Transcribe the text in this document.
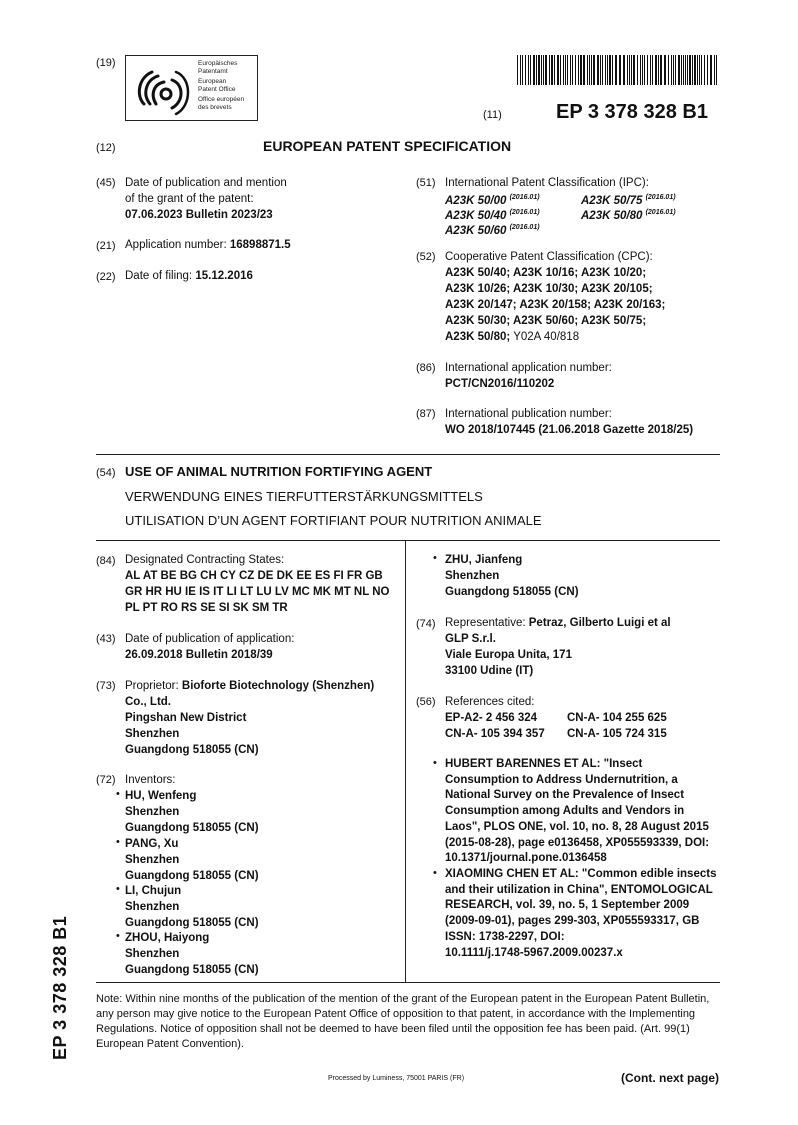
(19)	Europäisches
Patentamt
European
Patent Office
Office européen
des brevets
(11)	EP 3 378 328 B1
(12)	EUROPEAN PATENT SPECIFICATION
(45) Date of publication and mention
of the grant of the patent:
07.06.2023 Bulletin 2023/23
(21) Application number: 16898871.5
(22) Date of filing: 15.12.2016
(51) International Patent Classification (IPC):
A23K 50/00 $^{(2016.01)}$	A23K 50/75 $^{(2016.01)}$
A23K 50/40 $^{(2016.01)}$	A23K 50/80 $^{(2016.01)}$
A23K 50/60 $^{(2016.01)}$
(52) Cooperative Patent Classification (CPC):
A23K 50/40; A23K 10/16; A23K 10/20;
A23K 10/26; A23K 10/30; A23K 20/105;
A23K 20/147; A23K 20/158; A23K 20/163;
A23K 50/30; A23K 50/60; A23K 50/75;
A23K 50/80; Y02A 40/818
(86) International application number:
PCT/CN2016/110202
(87) International publication number:
WO 2018/107445 (21.06.2018 Gazette 2018/25)
(54) USE OF ANIMAL NUTRITION FORTIFYING AGENT
VERWENDUNG EINES TIERFUTTERSTÄRKUNGSMITTELS
UTILISATION D’UN AGENT FORTIFIANT POUR NUTRITION ANIMALE
(84) Designated Contracting States:
AL AT BE BG CH CY CZ DE DK EE ES FI FR GB
GR HR HU IE IS IT LI LT LU LV MC MK MT NL NO
PL PT RO RS SE SI SK SM TR
(43) Date of publication of application:
26.09.2018 Bulletin 2018/39
(73) Proprietor: Bioforte Biotechnology (Shenzhen)
Co., Ltd.
Pingshan New District
Shenzhen
Guangdong 518055 (CN)
(72) Inventors:
• HU, Wenfeng
Shenzhen
Guangdong 518055 (CN)
• PANG, Xu
Shenzhen
Guangdong 518055 (CN)
• LI, Chujun
Shenzhen
Guangdong 518055 (CN)
• ZHOU, Haiyong
Shenzhen
Guangdong 518055 (CN)
• ZHU, Jianfeng
Shenzhen
Guangdong 518055 (CN)
(74) Representative: Petraz, Gilberto Luigi et al
GLP S.r.l.
Viale Europa Unita, 171
33100 Udine (IT)
(56) References cited:
EP-A2- 2 456 324	CN-A- 104 255 625
CN-A- 105 394 357 CN-A- 105 724 315
• HUBERT BARENNES ET AL: "Insect
Consumption to Address Undernutrition, a
National Survey on the Prevalence of Insect
Consumption among Adults and Vendors in
Laos", PLOS ONE, vol. 10, no. 8, 28 August 2015
(2015-08-28), page e0136458, XP055593339, DOI:
10.1371/journal.pone.0136458
• XIAOMING CHEN ET AL: "Common edible insects
and their utilization in China", ENTOMOLOGICAL
RESEARCH, vol. 39, no. 5, 1 September 2009
(2009-09-01), pages 299-303, XP055593317, GB
ISSN: 1738-2297, DOI:
10.1111/j.1748-5967.2009.00237.x
Note: Within nine months of the publication of the mention of the grant of the European patent in the European Patent Bulletin, any person may give notice to the European Patent Office of opposition to that patent, in accordance with the Implementing Regulations. Notice of opposition shall not be deemed to have been filed until the opposition fee has been paid. (Art. 99(1) European Patent Convention).
Processed by Luminess, 75001 PARIS (FR)	(Cont. next page)
EP 3 378 328 B1
